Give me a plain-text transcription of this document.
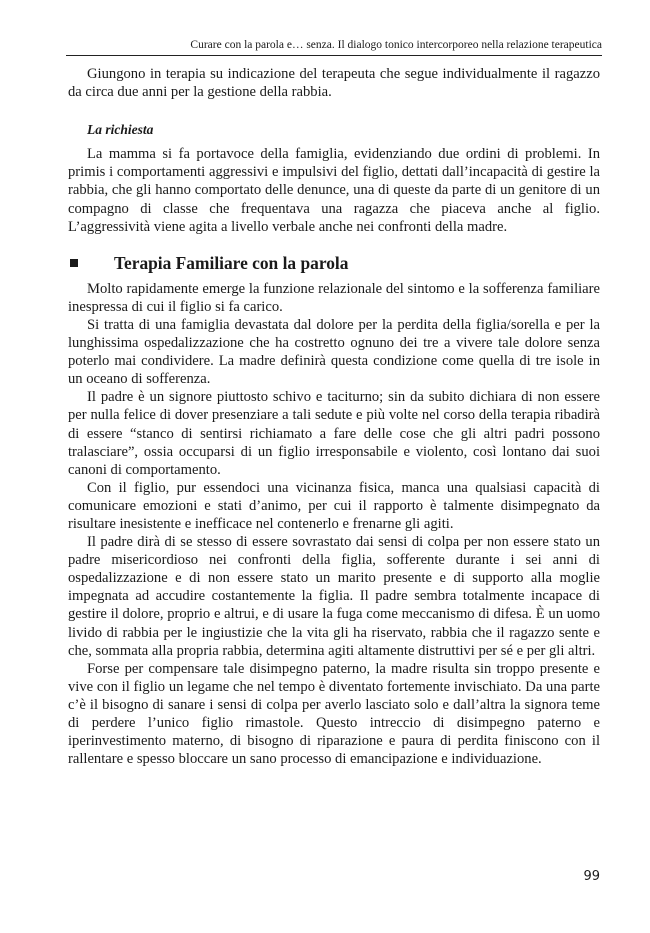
Curare con la parola e… senza. Il dialogo tonico intercorporeo nella relazione terapeutica

Giungono in terapia su indicazione del terapeuta che segue individualmente il ragazzo da circa due anni per la gestione della rabbia.

La richiesta

La mamma si fa portavoce della famiglia, evidenziando due ordini di problemi. In primis i comportamenti aggressivi e impulsivi del figlio, dettati dall’incapacità di gestire la rabbia, che gli hanno comportato delle denunce, una di queste da parte di un genitore di un compagno di classe che frequentava una ragazza che piaceva anche al figlio. L’aggressività viene agita a livello verbale anche nei confronti della madre.

Terapia Familiare con la parola

Molto rapidamente emerge la funzione relazionale del sintomo e la sofferenza familiare inespressa di cui il figlio si fa carico.

Si tratta di una famiglia devastata dal dolore per la perdita della figlia/sorella e per la lunghissima ospedalizzazione che ha costretto ognuno dei tre a vivere tale dolore senza poterlo mai condividere. La madre definirà questa condizione come quella di tre isole in un oceano di sofferenza.

Il padre è un signore piuttosto schivo e taciturno; sin da subito dichiara di non essere per nulla felice di dover presenziare a tali sedute e più volte nel corso della terapia ribadirà di essere “stanco di sentirsi richiamato a fare delle cose che gli altri padri possono tralasciare”, ossia occuparsi di un figlio irresponsabile e violento, così lontano dai suoi canoni di comportamento.

Con il figlio, pur essendoci una vicinanza fisica, manca una qualsiasi capacità di comunicare emozioni e stati d’animo, per cui il rapporto è talmente disimpegnato da risultare inesistente e inefficace nel contenerlo e frenarne gli agiti.

Il padre dirà di se stesso di essere sovrastato dai sensi di colpa per non essere stato un padre misericordioso nei confronti della figlia, sofferente durante i sei anni di ospedalizzazione e di non essere stato un marito presente e di supporto alla moglie impegnata ad accudire costantemente la figlia. Il padre sembra totalmente incapace di gestire il dolore, proprio e altrui, e di usare la fuga come meccanismo di difesa. È un uomo livido di rabbia per le ingiustizie che la vita gli ha riservato, rabbia che il ragazzo sente e che, sommata alla propria rabbia, determina agiti altamente distruttivi per sé e per gli altri.

Forse per compensare tale disimpegno paterno, la madre risulta sin troppo presente e vive con il figlio un legame che nel tempo è diventato fortemente invischiato. Da una parte c’è il bisogno di sanare i sensi di colpa per averlo lasciato solo e dall’altra la signora teme di perdere l’unico figlio rimastole. Questo intreccio di disimpegno paterno e iperinvestimento materno, di bisogno di riparazione e paura di perdita finiscono con il rallentare e spesso bloccare un sano processo di emancipazione e individuazione.

99
